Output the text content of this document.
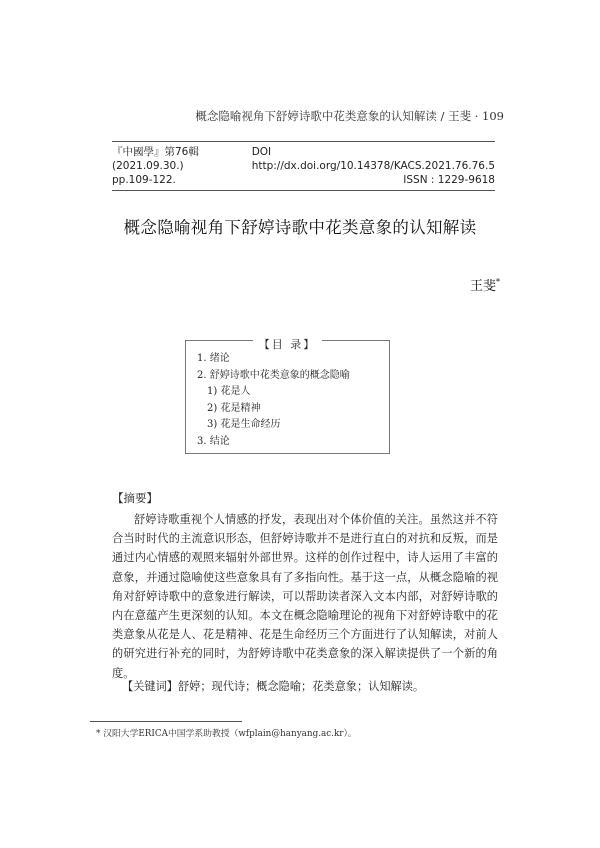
概念隐喻视角下舒婷诗歌中花类意象的认知解读 / 王斐 · 109
『中國學』第76輯 (2021.09.30.)
DOI http://dx.doi.org/10.14378/KACS.2021.76.76.5
pp.109-122.	ISSN : 1229-9618
概念隐喻视角下舒婷诗歌中花类意象的认知解读
王斐*
【目 录】
1. 绪论
2. 舒婷诗歌中花类意象的概念隐喻
1) 花是人
2) 花是精神
3) 花是生命经历
3. 结论
【摘要】

舒婷诗歌重视个人情感的抒发，表现出对个体价值的关注。虽然这并不符合当时时代的主流意识形态，但舒婷诗歌并不是进行直白的对抗和反叛，而是通过内心情感的观照来辐射外部世界。这样的创作过程中，诗人运用了丰富的意象，并通过隐喻使这些意象具有了多指向性。基于这一点，从概念隐喻的视角对舒婷诗歌中的意象进行解读，可以帮助读者深入文本内部，对舒婷诗歌的内在意蕴产生更深刻的认知。本文在概念隐喻理论的视角下对舒婷诗歌中的花类意象从花是人、花是精神、花是生命经历三个方面进行了认知解读，对前人的研究进行补充的同时，为舒婷诗歌中花类意象的深入解读提供了一个新的角度。

【关键词】舒婷；现代诗；概念隐喻；花类意象；认知解读。
* 汉阳大学ERICA中国学系助教授（wfplain@hanyang.ac.kr）。
